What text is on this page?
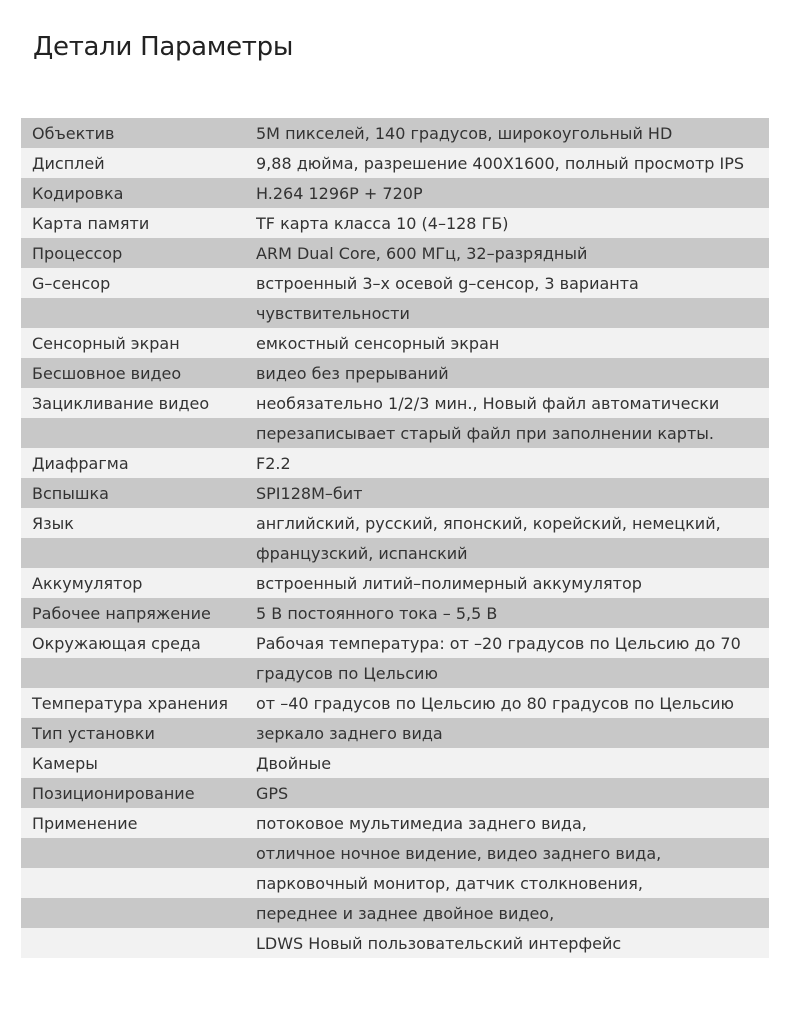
Детали Параметры
Объектив	5M пикселей, 140 градусов, широкоугольный HD
Дисплей	9,88 дюйма, разрешение 400X1600, полный просмотр IPS
Кодировка	H.264 1296P + 720P
Карта памяти	TF карта класса 10 (4–128 ГБ)
Процессор	ARM Dual Core, 600 МГц, 32–разрядный
G–сенсор	встроенный 3–х осевой g–сенсор, 3 варианта
чувствительности
Сенсорный экран	емкостный сенсорный экран
Бесшовное видео	видео без прерываний
Зацикливание видео	необязательно 1/2/3 мин., Новый файл автоматически
перезаписывает старый файл при заполнении карты.
Диафрагма	F2.2
Вспышка	SPI128M–бит
Язык	английский, русский, японский, корейский, немецкий,
французский, испанский
Аккумулятор	встроенный литий–полимерный аккумулятор
Рабочее напряжение	5 В постоянного тока – 5,5 В
Окружающая среда	Рабочая температура: от –20 градусов по Цельсию до 70
градусов по Цельсию
Температура хранения	от –40 градусов по Цельсию до 80 градусов по Цельсию
Тип установки	зеркало заднего вида
Камеры	Двойные
Позиционирование	GPS
Применение	потоковое мультимедиа заднего вида,
отличное ночное видение, видео заднего вида,
парковочный монитор, датчик столкновения,
переднее и заднее двойное видео,
LDWS Новый пользовательский интерфейс
